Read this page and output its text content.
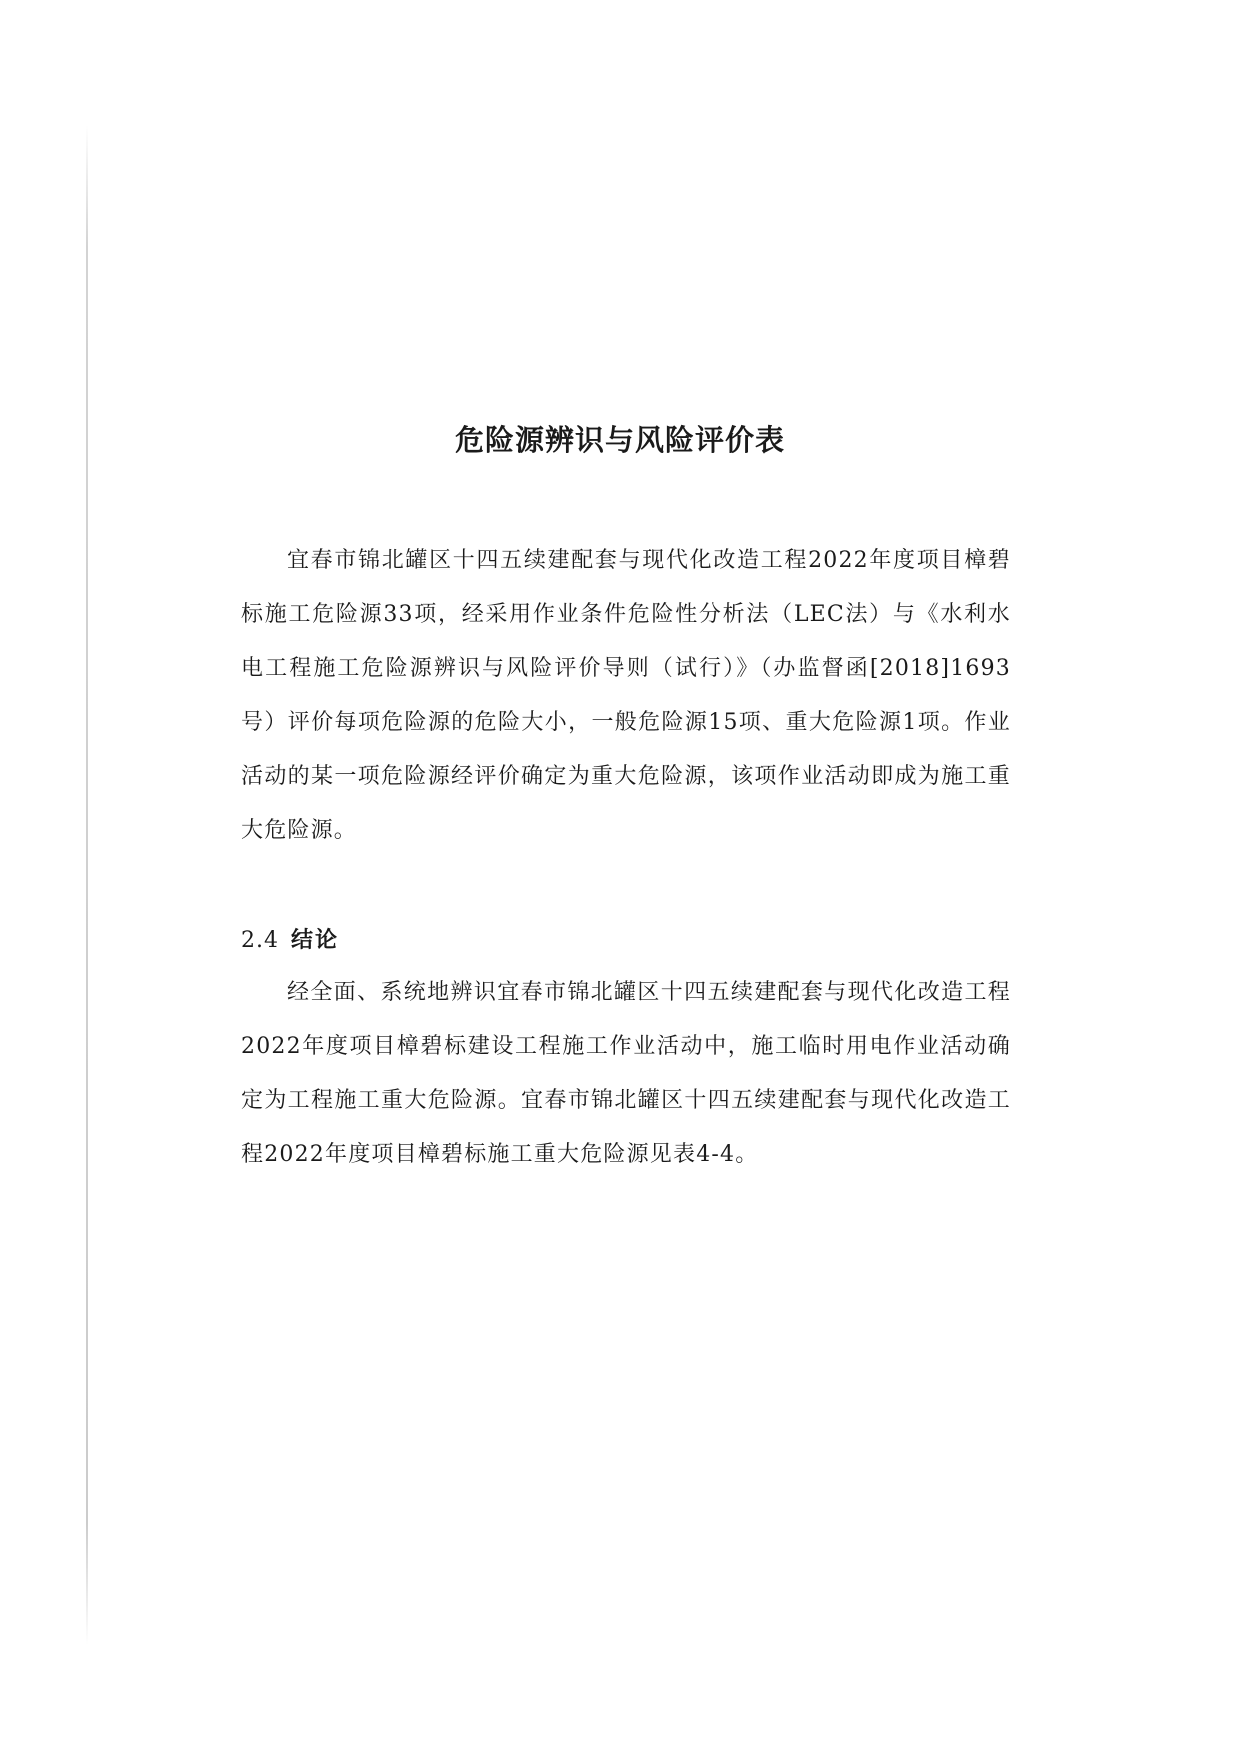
危险源辨识与风险评价表

宜春市锦北罐区十四五续建配套与现代化改造工程2022年度项目樟碧标施工危险源33项，经采用作业条件危险性分析法（LEC法）与《水利水电工程施工危险源辨识与风险评价导则（试行）》（办监督函[2018]1693号）评价每项危险源的危险大小，一般危险源15项、重大危险源1项。作业活动的某一项危险源经评价确定为重大危险源，该项作业活动即成为施工重大危险源。

2.4 结论

经全面、系统地辨识宜春市锦北罐区十四五续建配套与现代化改造工程2022年度项目樟碧标建设工程施工作业活动中，施工临时用电作业活动确定为工程施工重大危险源。宜春市锦北罐区十四五续建配套与现代化改造工程2022年度项目樟碧标施工重大危险源见表4-4。
